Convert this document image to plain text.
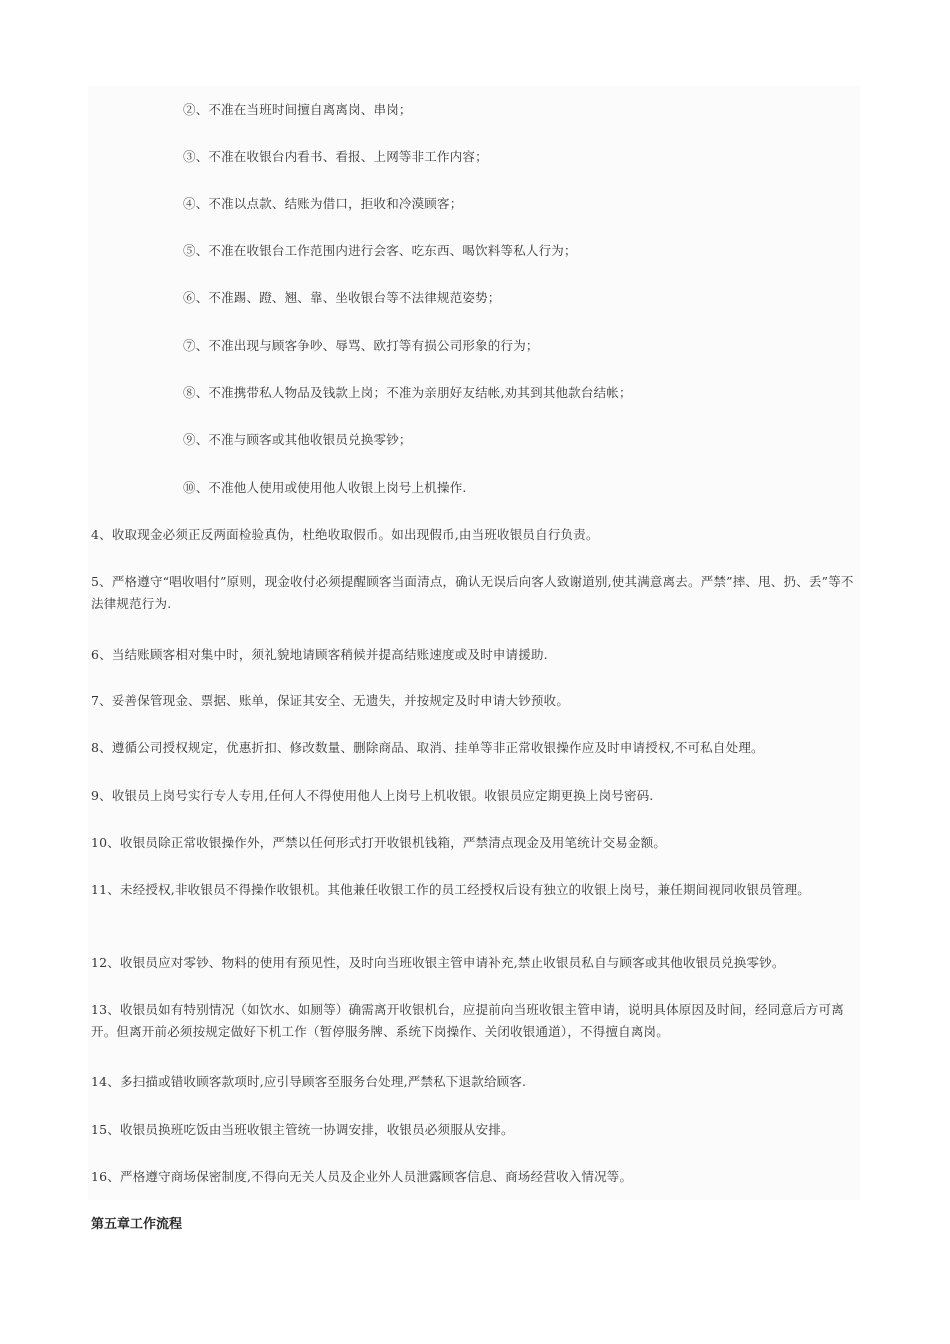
②、不准在当班时间擅自离离岗、串岗；
③、不准在收银台内看书、看报、上网等非工作内容；
④、不准以点款、结账为借口，拒收和冷漠顾客；
⑤、不准在收银台工作范围内进行会客、吃东西、喝饮料等私人行为；
⑥、不准踢、蹬、翘、靠、坐收银台等不法律规范姿势；
⑦、不准出现与顾客争吵、辱骂、欧打等有损公司形象的行为；
⑧、不准携带私人物品及钱款上岗；不准为亲朋好友结帐,劝其到其他款台结帐；
⑨、不准与顾客或其他收银员兑换零钞；
⑩、不准他人使用或使用他人收银上岗号上机操作.
4、收取现金必须正反两面检验真伪，杜绝收取假币。如出现假币,由当班收银员自行负责。
5、严格遵守“唱收唱付”原则，现金收付必须提醒顾客当面清点，确认无误后向客人致谢道别,使其满意离去。严禁”摔、甩、扔、丢”等不法律规范行为.
6、当结账顾客相对集中时，须礼貌地请顾客稍候并提高结账速度或及时申请援助.
7、妥善保管现金、票据、账单，保证其安全、无遗失，并按规定及时申请大钞预收。
8、遵循公司授权规定，优惠折扣、修改数量、删除商品、取消、挂单等非正常收银操作应及时申请授权,不可私自处理。
9、收银员上岗号实行专人专用,任何人不得使用他人上岗号上机收银。收银员应定期更换上岗号密码.
10、收银员除正常收银操作外，严禁以任何形式打开收银机钱箱，严禁清点现金及用笔统计交易金额。
11、未经授权,非收银员不得操作收银机。其他兼任收银工作的员工经授权后设有独立的收银上岗号，兼任期间视同收银员管理。
12、收银员应对零钞、物料的使用有预见性，及时向当班收银主管申请补充,禁止收银员私自与顾客或其他收银员兑换零钞。
13、收银员如有特别情况（如饮水、如厕等）确需离开收银机台，应提前向当班收银主管申请，说明具体原因及时间，经同意后方可离开。但离开前必须按规定做好下机工作（暂停服务牌、系统下岗操作、关闭收银通道），不得擅自离岗。
14、多扫描或错收顾客款项时,应引导顾客至服务台处理,严禁私下退款给顾客.
15、收银员换班吃饭由当班收银主管统一协调安排，收银员必须服从安排。
16、严格遵守商场保密制度,不得向无关人员及企业外人员泄露顾客信息、商场经营收入情况等。
第五章工作流程
